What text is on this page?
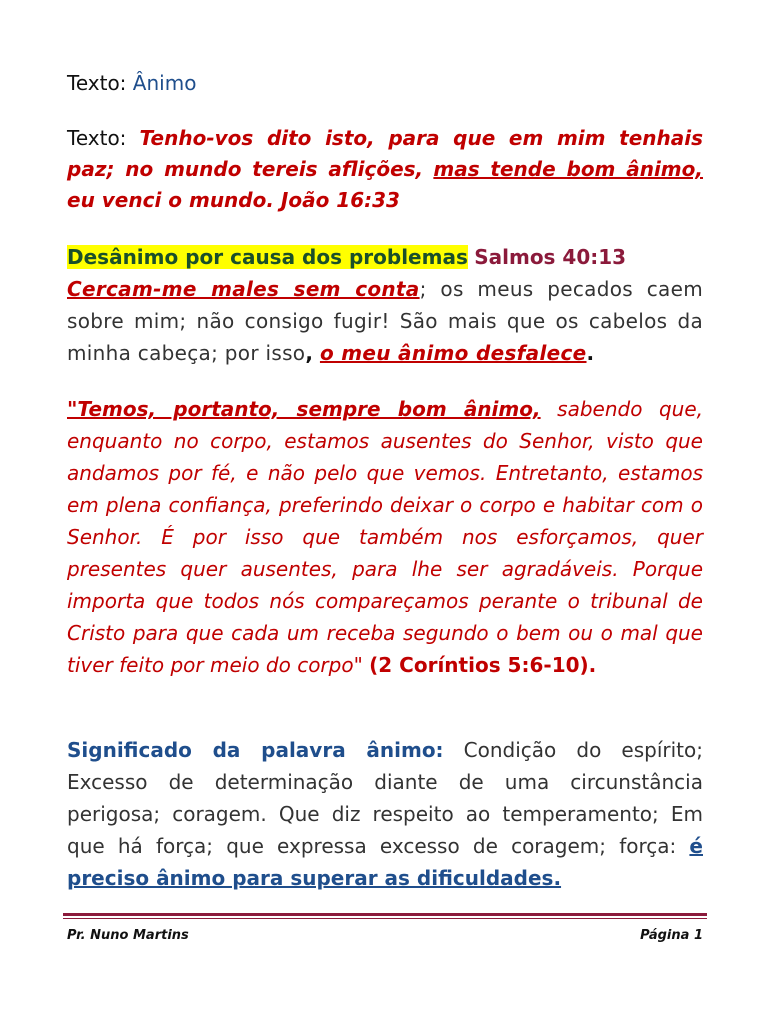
Texto: Ânimo

Texto: Tenho-vos dito isto, para que em mim tenhais paz; no mundo tereis aflições, mas tende bom ânimo, eu venci o mundo. João 16:33

Desânimo por causa dos problemas Salmos 40:13

Cercam-me males sem conta; os meus pecados caem sobre mim; não consigo fugir! São mais que os cabelos da minha cabeça; por isso, o meu ânimo desfalece.

"Temos, portanto, sempre bom ânimo, sabendo que, enquanto no corpo, estamos ausentes do Senhor, visto que andamos por fé, e não pelo que vemos. Entretanto, estamos em plena confiança, preferindo deixar o corpo e habitar com o Senhor. É por isso que também nos esforçamos, quer presentes quer ausentes, para lhe ser agradáveis. Porque importa que todos nós compareçamos perante o tribunal de Cristo para que cada um receba segundo o bem ou o mal que tiver feito por meio do corpo" (2 Coríntios 5:6-10).

Significado da palavra ânimo: Condição do espírito; Excesso de determinação diante de uma circunstância perigosa; coragem. Que diz respeito ao temperamento; Em que há força; que expressa excesso de coragem; força: é preciso ânimo para superar as dificuldades.

Pr. Nuno Martins	Página 1
